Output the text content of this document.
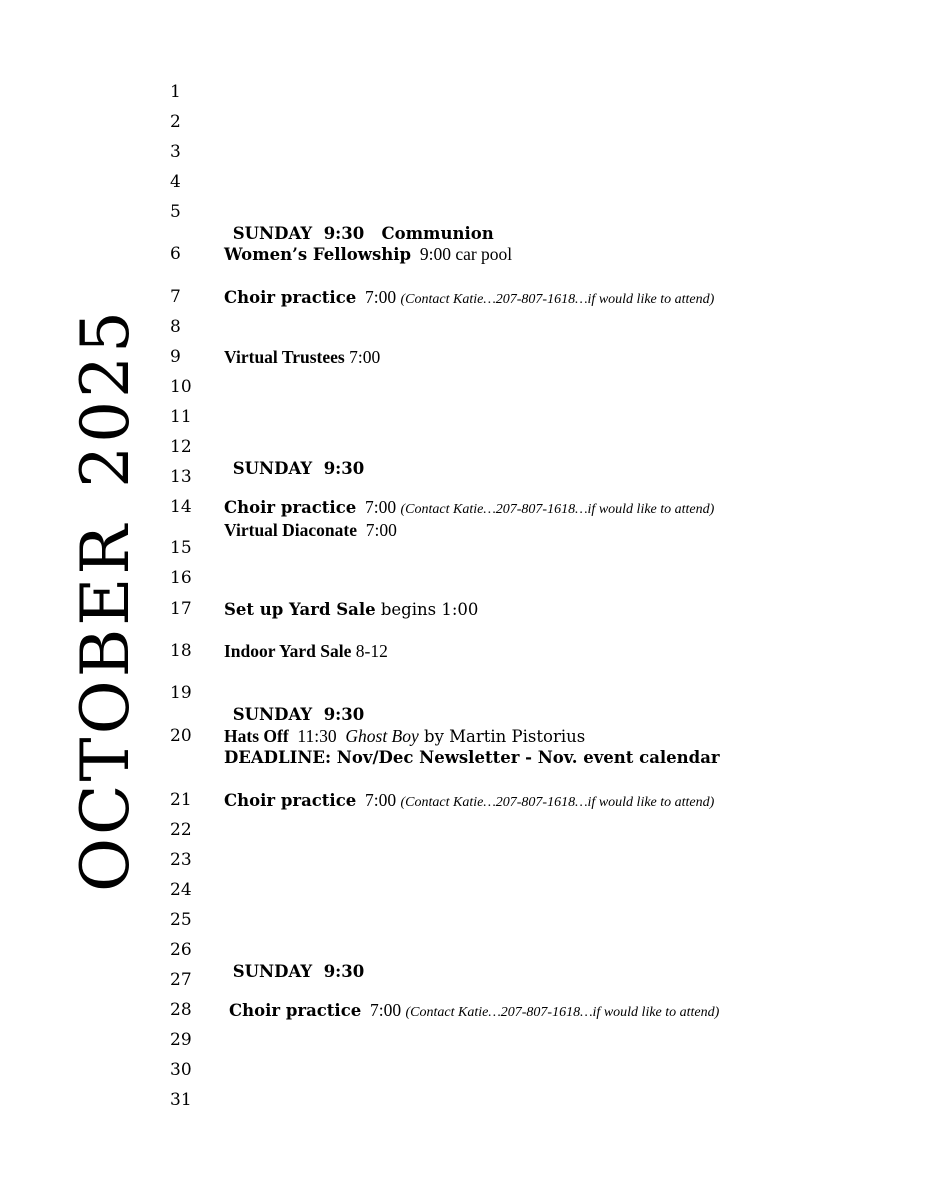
OCTOBER2025
1
2
3
4
5
6
7
8
9
10
11
12
13
14
15
16
17
18
19
20
21
22
23
24
25
26
27
28
29
30
31

SUNDAY  9:30   Communion

Women’s Fellowship  9:00 car pool
Choir practice  7:00 (Contact Katie…207-807-1618…if would like to attend)
Virtual Trustees 7:00

SUNDAY  9:30

Choir practice  7:00 (Contact Katie…207-807-1618…if would like to attend)
Virtual Diaconate  7:00
Set up Yard Sale begins 1:00
Indoor Yard Sale 8-12

SUNDAY  9:30

Hats Off  11:30  Ghost Boy by Martin Pistorius
DEADLINE: Nov/Dec Newsletter - Nov. event calendar
Choir practice  7:00 (Contact Katie…207-807-1618…if would like to attend)

SUNDAY  9:30

Choir practice  7:00 (Contact Katie…207-807-1618…if would like to attend)
